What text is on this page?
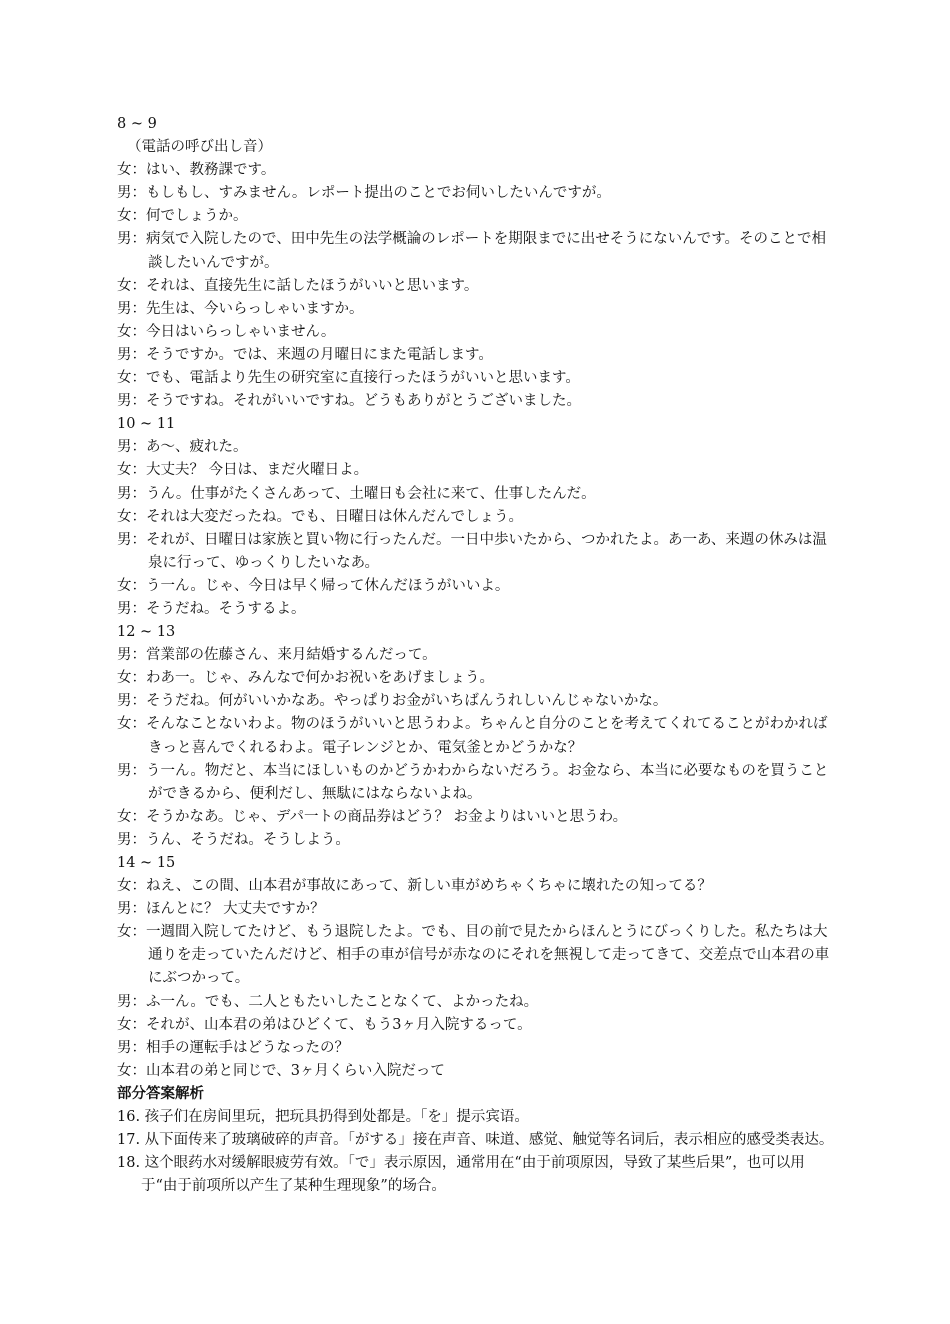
8 ~ 9

（電話の呼び出し音）

女：はい、教務課です。

男：もしもし、すみません。レポート提出のことでお伺いしたいんですが。

女：何でしょうか。

男：病気で入院したので、田中先生の法学概論のレポートを期限までに出せそうにないんです。そのことで相談したいんですが。

女：それは、直接先生に話したほうがいいと思います。

男：先生は、今いらっしゃいますか。

女：今日はいらっしゃいません。

男：そうですか。では、来週の月曜日にまた電話します。

女：でも、電話より先生の研究室に直接行ったほうがいいと思います。

男：そうですね。それがいいですね。どうもありがとうございました。

10 ~ 11

男：あ～、疲れた。

女：大丈夫？ 今日は、まだ火曜日よ。

男：うん。仕事がたくさんあって、土曜日も会社に来て、仕事したんだ。

女：それは大変だったね。でも、日曜日は休んだんでしょう。

男：それが、日曜日は家族と買い物に行ったんだ。一日中歩いたから、つかれたよ。あ一あ、来週の休みは温泉に行って、ゆっくりしたいなあ。

女：う一ん。じゃ、今日は早く帰って休んだほうがいいよ。

男：そうだね。そうするよ。

12 ~ 13

男：営業部の佐藤さん、来月結婚するんだって。

女：わあ一。じゃ、みんなで何かお祝いをあげましょう。

男：そうだね。何がいいかなあ。やっぱりお金がいちばんうれしいんじゃないかな。

女：そんなことないわよ。物のほうがいいと思うわよ。ちゃんと自分のことを考えてくれてることがわかればきっと喜んでくれるわよ。電子レンジとか、電気釜とかどうかな？

男：う一ん。物だと、本当にほしいものかどうかわからないだろう。お金なら、本当に必要なものを買うことができるから、便利だし、無駄にはならないよね。

女：そうかなあ。じゃ、デパ一トの商品券はどう？ お金よりはいいと思うわ。

男：うん、そうだね。そうしよう。

14 ~ 15

女：ねえ、この間、山本君が事故にあって、新しい車がめちゃくちゃに壊れたの知ってる？

男：ほんとに？ 大丈夫ですか？

女：一週間入院してたけど、もう退院したよ。でも、目の前で見たからほんとうにびっくりした。私たちは大通りを走っていたんだけど、相手の車が信号が赤なのにそれを無視して走ってきて、交差点で山本君の車にぶつかって。

男：ふ一ん。でも、二人ともたいしたことなくて、よかったね。

女：それが、山本君の弟はひどくて、もう3ヶ月入院するって。

男：相手の運転手はどうなったの？

女：山本君の弟と同じで、3ヶ月くらい入院だって

部分答案解析

16. 孩子们在房间里玩，把玩具扔得到处都是。「を」提示宾语。

17. 从下面传来了玻璃破碎的声音。「がする」接在声音、味道、感觉、触觉等名词后，表示相应的感受类表达。

18. 这个眼药水对缓解眼疲劳有效。「で」表示原因，通常用在“由于前项原因，导致了某些后果”，也可以用于“由于前项所以产生了某种生理现象”的场合。
